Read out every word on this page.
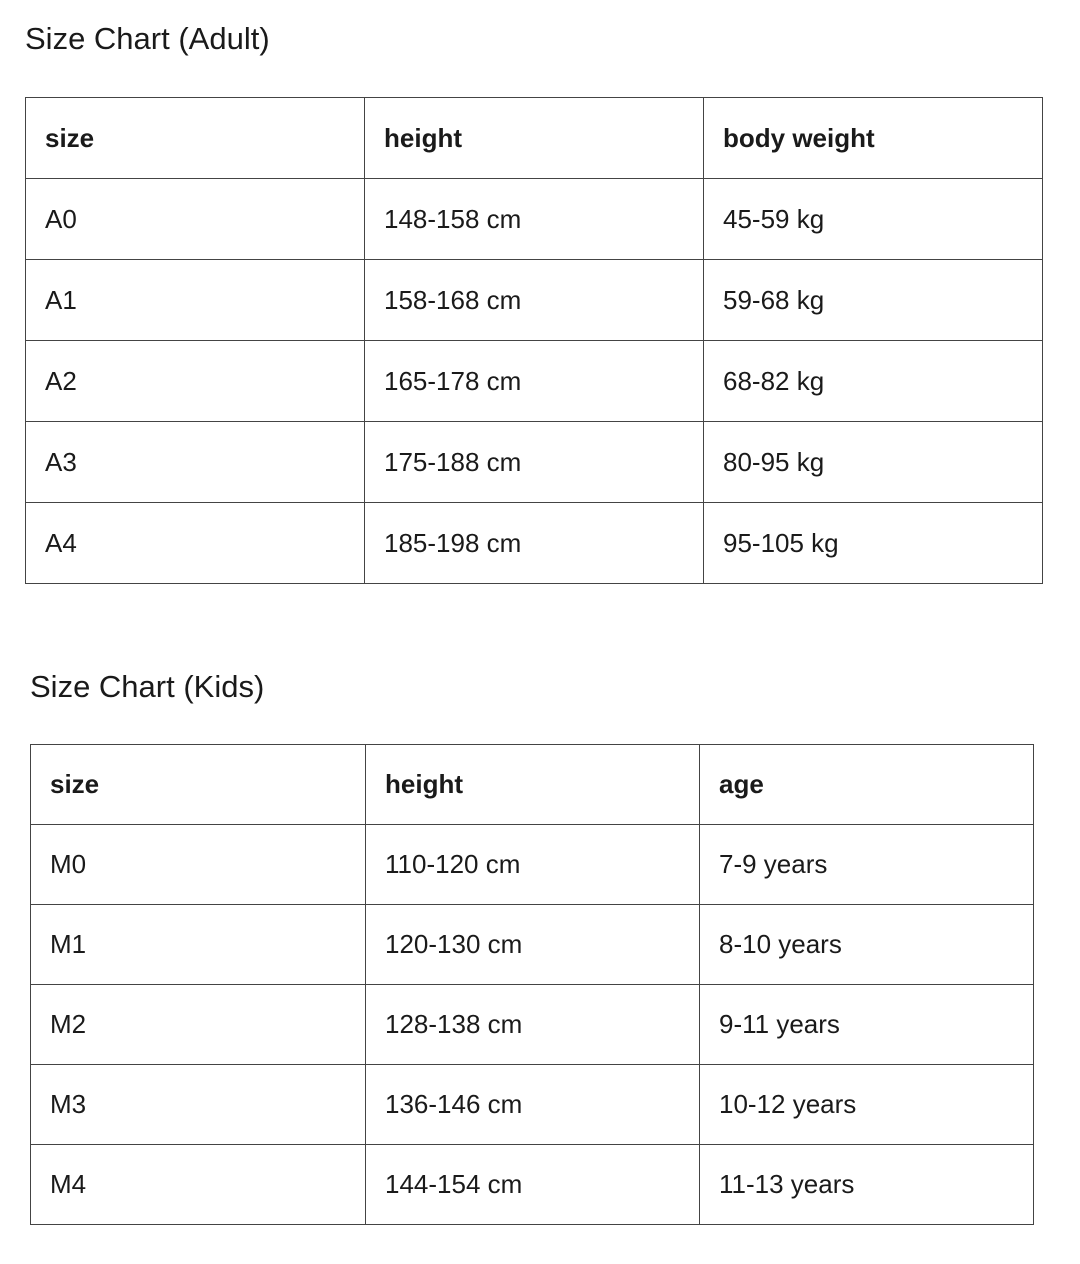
Size Chart (Adult)
size	height	body weight
A0	148-158 cm	45-59 kg
A1	158-168 cm	59-68 kg
A2	165-178 cm	68-82 kg
A3	175-188 cm	80-95 kg
A4	185-198 cm	95-105 kg
Size Chart (Kids)
size	height	age
M0	110-120 cm	7-9 years
M1	120-130 cm	8-10 years
M2	128-138 cm	9-11 years
M3	136-146 cm	10-12 years
M4	144-154 cm	11-13 years
